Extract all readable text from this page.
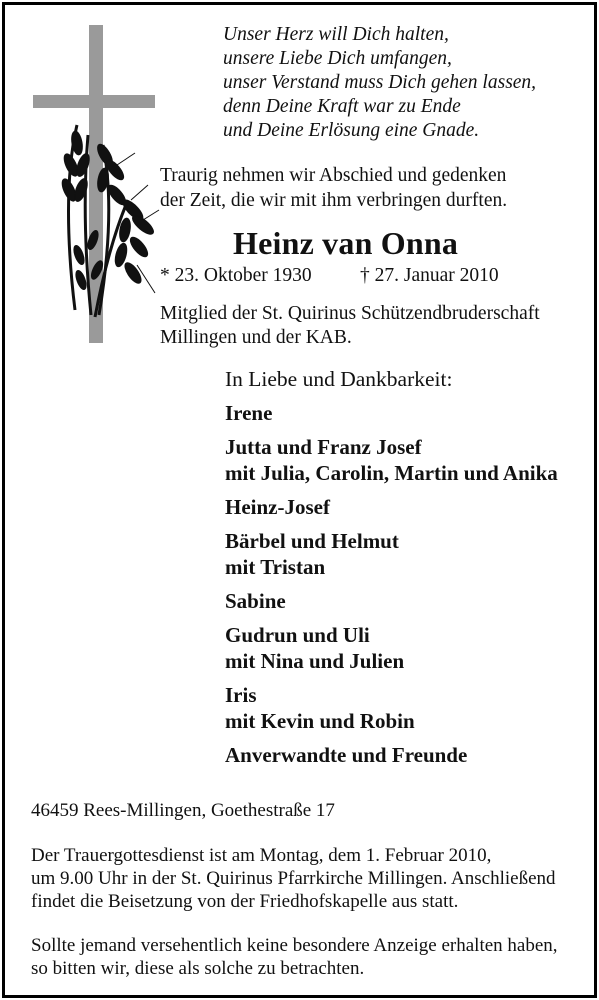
Unser Herz will Dich halten,
unsere Liebe Dich umfangen,
unser Verstand muss Dich gehen lassen,
denn Deine Kraft war zu Ende
und Deine Erlösung eine Gnade.
Traurig nehmen wir Abschied und gedenken
der Zeit, die wir mit ihm verbringen durften.
Heinz van Onna
* 23. Oktober 1930 † 27. Januar 2010
Mitglied der St. Quirinus Schützendbruderschaft
Millingen und der KAB.
In Liebe und Dankbarkeit:
Irene
Jutta und Franz Josef
mit Julia, Carolin, Martin und Anika
Heinz-Josef
Bärbel und Helmut
mit Tristan
Sabine
Gudrun und Uli
mit Nina und Julien
Iris
mit Kevin und Robin
Anverwandte und Freunde
46459 Rees-Millingen, Goethestraße 17
Der Trauergottesdienst ist am Montag, dem 1. Februar 2010,
um 9.00 Uhr in der St. Quirinus Pfarrkirche Millingen. Anschließend
findet die Beisetzung von der Friedhofskapelle aus statt.
Sollte jemand versehentlich keine besondere Anzeige erhalten haben,
so bitten wir, diese als solche zu betrachten.
